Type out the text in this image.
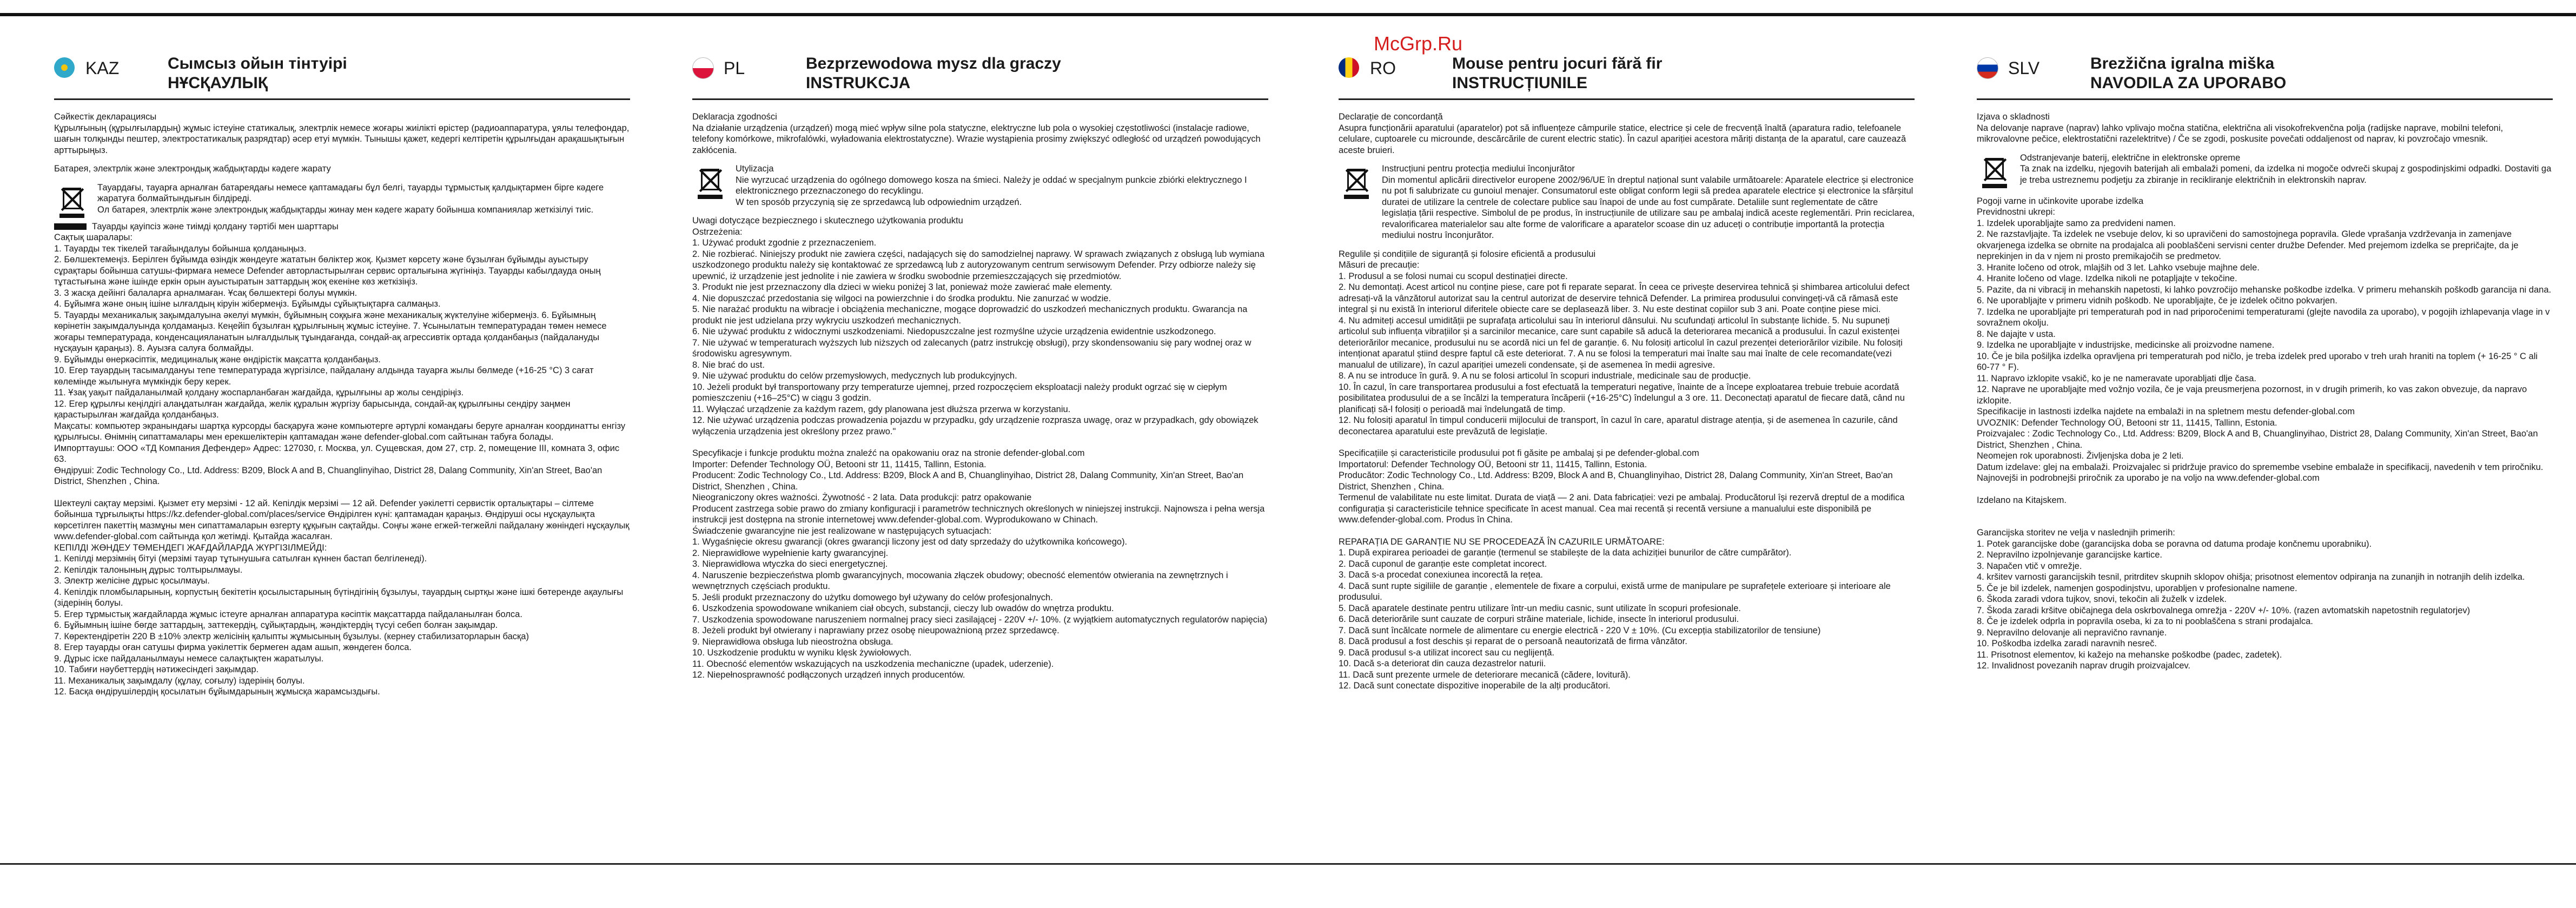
McGrp.Ru
KAZ	Сымсыз ойын тінтуірі
НҰСҚАУЛЫҚ

Сәйкестік декларациясы

Құрылғының (құрылғылардың) жұмыс істеуіне статикалық, электрлік немесе жоғары жиілікті өрістер (радиоаппаратура, ұялы телефондар, шағын толқынды пештер, электростатикалық разрядтар) әсер етуі мүмкін. Тынышы қажет, кедергі келтіретін құрылғыдан арақашықтығын арттырыңыз.

Батарея, электрлік және электрондық жабдықтарды кәдеге жарату

Тауардағы, тауарға арналған батареядағы немесе қаптамадағы бұл белгі, тауарды тұрмыстық қалдықтармен бірге кәдеге жаратуға болмайтындығын білдіреді.

Ол батарея, электрлік және электрондық жабдықтарды жинау мен кәдеге жарату бойынша компаниялар жеткізілуі тиіс.

Тауарды қауіпсіз және тиімді қолдану тәртібі мен шарттары

Сақтық шаралары:

1. Тауарды тек тікелей тағайындалуы бойынша қолданыңыз.

2. Бөлшектемеңіз. Берілген бұйымда өзіндік жөндеуге жататын бөліктер жоқ. Қызмет көрсету және бұзылған бұйымды ауыстыру сұрақтары бойынша сатушы-фирмаға немесе Defender авторластырылған сервис орталығына жүгініңіз. Тауарды кабылдауда оның тұтастығына және ішінде еркін орын ауыстыратын заттардың жоқ екеніне көз жеткізіңіз.

3. 3 жасқа дейінгі балаларға арналмаған. Ұсақ бөлшектері болуы мүмкін.

4. Бұйымға және оның ішіне ылғалдың кіруін жібермеңіз. Бұйымды сұйықтықтарға салмаңыз.

5. Тауарды механикалық зақымдалуына әкелуі мүмкін, бұйымның соққыға және механикалық жүктелуіне жібермеңіз. 6. Бұйымның көрінетін зақымдалуында қолдамаңыз. Кеңейіп бұзылған құрылғының жұмыс істеуіне. 7. Ұсынылатын температурадан төмен немесе жоғары температурада, конденсацияланатын ылғалдылық тұындағанда, сондай-ақ агрессивтік ортада қолданбаңыз (пайдалануды нұсқауын қараңыз). 8. Ауызға салуға болмайды.

9. Бұйымды өнеркәсіптік, медициналық және өндірістік мақсатта қолданбаңыз.

10. Егер тауардың тасымалдануы тепе температурада жүргізілсе, пайдалану алдында тауарға жылы бөлмеде (+16-25 °С) 3 сағат көлемінде жылынуға мүмкіндік беру керек.

11. Ұзақ уақыт пайдаланылмай қолдану жоспарланбаған жағдайда, құрылғыны ар жолы сендіріңіз.

12. Егер құрылғы кеңілдігі алаңдатылған жағдайда, желік құралын жүргізу барысында, сондай-ақ құрылғыны сендіру заңмен қарастырылған жағдайда қолданбаңыз.

Мақсаты: компьютер экранындағы шартқа курсорды басқаруға және компьютерге әртүрлі командағы беруге арналған координатты енгізу құрылғысы. Өнімнің сипаттамалары мен ерекшеліктерін қаптамадан және defender-global.com сайтынан табуға болады.

Импорттаушы: ООО «ТД Компания Дефендер» Адрес: 127030, г. Москва, ул. Сущевская, дом 27, стр. 2, помещение III, комната 3, офис 63.

Өндіруші: Zodic Technology Co., Ltd. Address: B209, Block A and B, Chuanglinyihao, District 28, Dalang Community, Xin'an Street, Bao'an District, Shenzhen , China.

Шектеулі сақтау мерзімі. Қызмет ету мерзімі - 12 ай. Кепілдік мерзімі — 12 ай. Defender уәкілетті сервистік орталықтары – сілтеме бойынша тұрғылықты https://kz.defender-global.com/places/service Өндірілген күні: қаптамадан қараңыз. Өндіруші осы нұсқаулықта көрсетілген пакеттің мазмұны мен сипаттамаларын өзгерту құқығын сақтайды. Соңғы және егжей-тегжейлі пайдалану жөніндегі нұсқаулық

www.defender-global.com сайтында қол жетімді. Қытайда жасалған.

КЕПІЛДІ ЖӨНДЕУ ТӨМЕНДЕГІ ЖАҒДАЙЛАРДА ЖҮРГІЗІЛМЕЙДІ:

1. Кепілді мерзімнің бітуі (мерзімі тауар тұтынушыға сатылған күннен бастап белгіленеді).

2. Кепілдік талонының дұрыс толтырылмауы.

3. Электр желісіне дұрыс қосылмауы.

4. Кепілдік пломбыларының, корпустың бекітетін қосылыстарының бүтіндігінің бұзылуы, тауардың сыртқы және ішкі бөтеренде ақаулығы (зідерінің болуы.

5. Егер тұрмыстық жағдайларда жұмыс істеуге арналған аппаратура кәсіптік мақсаттарда пайдаланылған болса.

6. Бұйымның ішіне бөгде заттардың, заттекердің, сұйықтардың, жәндіктердің түсуі себеп болған зақымдар.

7. Көректендіретін 220 В ±10% электр желісінің қалыпты жұмысының бұзылуы. (кернеу стабилизаторларын басқа)

8. Егер тауарды оған сатушы фирма уәкілеттік бермеген адам ашып, жөндеген болса.

9. Дұрыс іске пайдаланылмауы немесе салақтықтен жаратылуы.

10. Табиғи нәубеттердің нәтижесіндегі зақымдар.

11. Механикалық зақымдалу (құлау, соғылу) іздерінің болуы.

12. Басқа өндірушілердің қосылатын бұйымдарының жұмысқа жарамсыздығы.

PL	Bezprzewodowa mysz dla graczy
INSTRUKCJA

Deklaracja zgodności

Na działanie urządzenia (urządzeń) mogą mieć wpływ silne pola statyczne, elektryczne lub pola o wysokiej częstotliwości (instalacje radiowe, telefony komórkowe, mikrofalówki, wyładowania elektrostatyczne). Wrazie wystąpienia prosimy zwiększyć odległość od urządzeń powodujących zakłócenia.

Utylizacja

Nie wyrzucać urządzenia do ogólnego domowego kosza na śmieci. Należy je oddać w specjalnym punkcie zbiórki elektrycznego I elektronicznego przeznaczonego do recyklingu.

W ten sposób przyczynią się ze sprzedawcą lub odpowiednim urządzeń.

Uwagi dotyczące bezpiecznego i skutecznego użytkowania produktu

Ostrzeżenia:

1. Używać produkt zgodnie z przeznaczeniem.

2. Nie rozbierać. Niniejszy produkt nie zawiera części, nadających się do samodzielnej naprawy. W sprawach związanych z obsługą lub wymiana uszkodzonego produktu należy się kontaktować ze sprzedawcą lub z autoryzowanym centrum serwisowym Defender. Przy odbiorze należy się upewnić, iż urządzenie jest jednolite i nie zawiera w środku swobodnie przemieszczających się przedmiotów.

3. Produkt nie jest przeznaczony dla dzieci w wieku poniżej 3 lat, ponieważ może zawierać małe elementy.

4. Nie dopuszczać przedostania się wilgoci na powierzchnie i do środka produktu. Nie zanurzać w wodzie.

5. Nie narażać produktu na wibracje i obciążenia mechaniczne, mogące doprowadzić do uszkodzeń mechanicznych produktu. Gwarancja na produkt nie jest udzielana przy wykryciu uszkodzeń mechanicznych.

6. Nie używać produktu z widocznymi uszkodzeniami. Niedopuszczalne jest rozmyślne użycie urządzenia ewidentnie uszkodzonego.

7. Nie używać w temperaturach wyższych lub niższych od zalecanych (patrz instrukcję obsługi), przy skondensowaniu się pary wodnej oraz w środowisku agresywnym.

8. Nie brać do ust.

9. Nie używać produktu do celów przemysłowych, medycznych lub produkcyjnych.

10. Jeżeli produkt był transportowany przy temperaturze ujemnej, przed rozpoczęciem eksploatacji należy produkt ogrzać się w ciepłym pomieszczeniu (+16–25°C) w ciągu 3 godzin.

11. Wyłączać urządzenie za każdym razem, gdy planowana jest dłuższa przerwa w korzystaniu.

12. Nie używać urządzenia podczas prowadzenia pojazdu w przypadku, gdy urządzenie rozprasza uwagę, oraz w przypadkach, gdy obowiązek wyłączenia urządzenia jest określony przez prawo."

Specyfikacje i funkcje produktu można znaleźć na opakowaniu oraz na stronie defender-global.com

Importer: Defender Technology OÜ, Betooni str 11, 11415, Tallinn, Estonia.

Producent: Zodic Technology Co., Ltd. Address: B209, Block A and B, Chuanglinyihao, District 28, Dalang Community, Xin'an Street, Bao'an District, Shenzhen , China.

Nieograniczony okres ważności. Żywotność - 2 lata. Data produkcji: patrz opakowanie

Producent zastrzega sobie prawo do zmiany konfiguracji i parametrów technicznych określonych w niniejszej instrukcji. Najnowsza i pełna wersja instrukcji jest dostępna na stronie internetowej www.defender-global.com. Wyprodukowano w Chinach.

Świadczenie gwarancyjne nie jest realizowane w następujących sytuacjach:

1. Wygaśnięcie okresu gwarancji (okres gwarancji liczony jest od daty sprzedaży do użytkownika końcowego).

2. Nieprawidłowe wypełnienie karty gwarancyjnej.

3. Nieprawidłowa wtyczka do sieci energetycznej.

4. Naruszenie bezpieczeństwa plomb gwarancyjnych, mocowania złączek obudowy; obecność elementów otwierania na zewnętrznych i wewnętrznych częściach produktu.

5. Jeśli produkt przeznaczony do użytku domowego był używany do celów profesjonalnych.

6. Uszkodzenia spowodowane wnikaniem ciał obcych, substancji, cieczy lub owadów do wnętrza produktu.

7. Uszkodzenia spowodowane naruszeniem normalnej pracy sieci zasilającej - 220V +/- 10%. (z wyjątkiem automatycznych regulatorów napięcia)

8. Jeżeli produkt był otwierany i naprawiany przez osobę nieupoważnioną przez sprzedawcę.

9. Nieprawidłowa obsługa lub nieostrożna obsługa.

10. Uszkodzenie produktu w wyniku klęsk żywiołowych.

11. Obecność elementów wskazujących na uszkodzenia mechaniczne (upadek, uderzenie).

12. Niepełnosprawność podłączonych urządzeń innych producentów.

RO	Mouse pentru jocuri fără fir
INSTRUCȚIUNILE

Declarație de concordanță

Asupra funcționării aparatului (aparatelor) pot să influențeze câmpurile statice, electrice și cele de frecvență înaltă (aparatura radio, telefoanele celulare, cuptoarele cu microunde, descărcările de curent electric static). În cazul apariției acestora măriți distanța de la aparatul, care cauzează aceste bruieri.

Instrucțiuni pentru protecția mediului înconjurător

Din momentul aplicării directivelor europene 2002/96/UE în dreptul național sunt valabile următoarele: Aparatele electrice și electronice nu pot fi salubrizate cu gunoiul menajer. Consumatorul este obligat conform legii să predea aparatele electrice și electronice la sfârșitul duratei de utilizare la centrele de colectare publice sau înapoi de unde au fost cumpărate. Detaliile sunt reglementate de către legislația țării respective. Simbolul de pe produs, în instrucțiunile de utilizare sau pe ambalaj indică aceste reglementări. Prin reciclarea, revalorificarea materialelor sau alte forme de valorificare a aparatelor scoase din uz aduceți o contribuție importantă la protecția mediului nostru înconjurător.

Regulile și condițiile de siguranță și folosire eficientă a produsului

Măsuri de precauție:

1. Produsul a se folosi numai cu scopul destinației directe.

2. Nu demontați. Acest articol nu conține piese, care pot fi reparate separat. În ceea ce privește deservirea tehnică și shimbarea articolului defect adresați-vă la vânzătorul autorizat sau la centrul autorizat de deservire tehnică Defender. La primirea produsului convingeți-vă că rămasă este integral și nu există în interiorul diferitele obiecte care se deplasează liber. 3. Nu este destinat copiilor sub 3 ani. Poate conține piese mici.

4. Nu admiteți accesul umidității pe suprafața articolului sau în interiorul dânsului. Nu scufundați articolul în substanțe lichide. 5. Nu supuneți articolul sub influența vibrațiilor și a sarcinilor mecanice, care sunt capabile să aducă la deteriorarea mecanică a produsului. În cazul existenței deteriorărilor mecanice, produsului nu se acordă nici un fel de garanție. 6. Nu folosiți articolul în cazul prezenței deteriorărilor vizibile. Nu folosiți intenționat aparatul știind despre faptul că este deteriorat. 7. A nu se folosi la temperaturi mai înalte sau mai înalte de cele recomandate(vezi manualul de utilizare), în cazul apariției umezeli condensate, și de asemenea în medii agresive.

8. A nu se introduce în gură. 9. A nu se folosi articolul în scopuri industriale, medicinale sau de producție.

10. În cazul, în care transportarea produsului a fost efectuată la temperaturi negative, înainte de a începe exploatarea trebuie trebuie acordată posibilitatea produsului de a se încălzi la temperatura încăperii (+16-25°C) îndelungul a 3 ore. 11. Deconectați aparatul de fiecare dată, când nu planificați să-l folosiți o perioadă mai îndelungată de timp.

12. Nu folosiți aparatul în timpul conducerii mijlocului de transport, în cazul în care, aparatul distrage atenția, și de asemenea în cazurile, când deconectarea aparatului este prevăzută de legislație.

Specificațiile și caracteristicile produsului pot fi găsite pe ambalaj și pe defender-global.com

Importatorul: Defender Technology OÜ, Betooni str 11, 11415, Tallinn, Estonia.

Producător: Zodic Technology Co., Ltd. Address: B209, Block A and B, Chuanglinyihao, District 28, Dalang Community, Xin'an Street, Bao'an District, Shenzhen , China.

Termenul de valabilitate nu este limitat. Durata de viață — 2 ani. Data fabricației: vezi pe ambalaj. Producătorul își rezervă dreptul de a modifica configurația și caracteristicile tehnice specificate în acest manual. Cea mai recentă și recentă versiune a manualului este disponibilă pe www.defender-global.com. Produs în China.

REPARAȚIA DE GARANȚIE NU SE PROCEDEAZĂ ÎN CAZURILE URMĂTOARE:

1. După expirarea perioadei de garanție (termenul se stabilește de la data achiziției bunurilor de către cumpărător).

2. Dacă cuponul de garanție este completat incorect.

3. Dacă s-a procedat conexiunea incorectă la rețea.

4. Dacă sunt rupte sigiliile de garanție , elementele de fixare a corpului, există urme de manipulare pe suprafețele exterioare și interioare ale produsului.

5. Dacă aparatele destinate pentru utilizare într-un mediu casnic, sunt utilizate în scopuri profesionale.

6. Dacă deteriorările sunt cauzate de corpuri străine materiale, lichide, insecte în interiorul produsului.

7. Dacă sunt încălcate normele de alimentare cu energie electrică - 220 V ± 10%. (Cu excepția stabilizatorilor de tensiune)

8. Dacă produsul a fost deschis și reparat de o persoană neautorizată de firma vânzător.

9. Dacă produsul s-a utilizat incorect sau cu neglijență.

10. Dacă s-a deteriorat din cauza dezastrelor naturii.

11. Dacă sunt prezente urmele de deteriorare mecanică (cădere, lovitură).

12. Dacă sunt conectate dispozitive inoperabile de la alți producători.

SLV	Brezžična igralna miška
NAVODILA ZA UPORABO

Izjava o skladnosti

Na delovanje naprave (naprav) lahko vplivajo močna statična, električna ali visokofrekvenčna polja (radijske naprave, mobilni telefoni, mikrovalovne pečice, elektrostatični razelektritve) / Če se zgodi, poskusite povečati oddaljenost od naprav, ki povzročajo vmesnik.

Odstranjevanje baterij, električne in elektronske opreme

Ta znak na izdelku, njegovih baterijah ali embalaži pomeni, da izdelka ni mogoče odvreči skupaj z gospodinjskimi odpadki. Dostaviti ga je treba ustreznemu podjetju za zbiranje in recikliranje električnih in elektronskih naprav.

Pogoji varne in učinkovite uporabe izdelka

Previdnostni ukrepi:

1. Izdelek uporabljajte samo za predvideni namen.

2. Ne razstavljajte. Ta izdelek ne vsebuje delov, ki so upravičeni do samostojnega popravila. Glede vprašanja vzdrževanja in zamenjave okvarjenega izdelka se obrnite na prodajalca ali pooblaščeni servisni center družbe Defender. Med prejemom izdelka se prepričajte, da je neprekinjen in da v njem ni prosto premikajočih se predmetov.

3. Hranite ločeno od otrok, mlajših od 3 let. Lahko vsebuje majhne dele.

4. Hranite ločeno od vlage. Izdelka nikoli ne potapljajte v tekočine.

5. Pazite, da ni vibracij in mehanskih napetosti, ki lahko povzročijo mehanske poškodbe izdelka. V primeru mehanskih poškodb garancija ni dana.

6. Ne uporabljajte v primeru vidnih poškodb. Ne uporabljajte, če je izdelek očitno pokvarjen.

7. Izdelka ne uporabljajte pri temperaturah pod in nad priporočenimi temperaturami (glejte navodila za uporabo), v pogojih izhlapevanja vlage in v sovražnem okolju.

8. Ne dajajte v usta.

9. Izdelka ne uporabljajte v industrijske, medicinske ali proizvodne namene.

10. Če je bila pošiljka izdelka opravljena pri temperaturah pod ničlo, je treba izdelek pred uporabo v treh urah hraniti na toplem (+ 16-25 ° C ali 60-77 ° F).

11. Napravo izklopite vsakič, ko je ne nameravate uporabljati dlje časa.

12. Naprave ne uporabljajte med vožnjo vozila, če je vaja preusmerjena pozornost, in v drugih primerih, ko vas zakon obvezuje, da napravo izklopite.

Specifikacije in lastnosti izdelka najdete na embalaži in na spletnem mestu defender-global.com

UVOZNIK: Defender Technology OÜ, Betooni str 11, 11415, Tallinn, Estonia.

Proizvajalec : Zodic Technology Co., Ltd. Address: B209, Block A and B, Chuanglinyihao, District 28, Dalang Community, Xin'an Street, Bao'an District, Shenzhen , China.

Neomejen rok uporabnosti. Življenjska doba je 2 leti.

Datum izdelave: glej na embalaži. Proizvajalec si pridržuje pravico do spremembe vsebine embalaže in specifikacij, navedenih v tem priročniku. Najnovejši in podrobnejši priročnik za uporabo je na voljo na www.defender-global.com

Izdelano na Kitajskem.

Garancijska storitev ne velja v naslednjih primerih:

1. Potek garancijske dobe (garancijska doba se poravna od datuma prodaje končnemu uporabniku).

2. Nepravilno izpolnjevanje garancijske kartice.

3. Napačen vtič v omrežje.

4. kršitev varnosti garancijskih tesnil, pritrditev skupnih sklopov ohišja; prisotnost elementov odpiranja na zunanjih in notranjih delih izdelka.

5. Če je bil izdelek, namenjen gospodinjstvu, uporabljen v profesionalne namene.

6. Škoda zaradi vdora tujkov, snovi, tekočin ali žuželk v izdelek.

7. Škoda zaradi kršitve običajnega dela oskrbovalnega omrežja - 220V +/- 10%. (razen avtomatskih napetostnih regulatorjev)

8. Če je izdelek odprla in popravila oseba, ki za to ni pooblaščena s strani prodajalca.

9. Nepravilno delovanje ali nepravično ravnanje.

10. Poškodba izdelka zaradi naravnih nesreč.

11. Prisotnost elementov, ki kažejo na mehanske poškodbe (padec, zadetek).

12. Invalidnost povezanih naprav drugih proizvajalcev.
